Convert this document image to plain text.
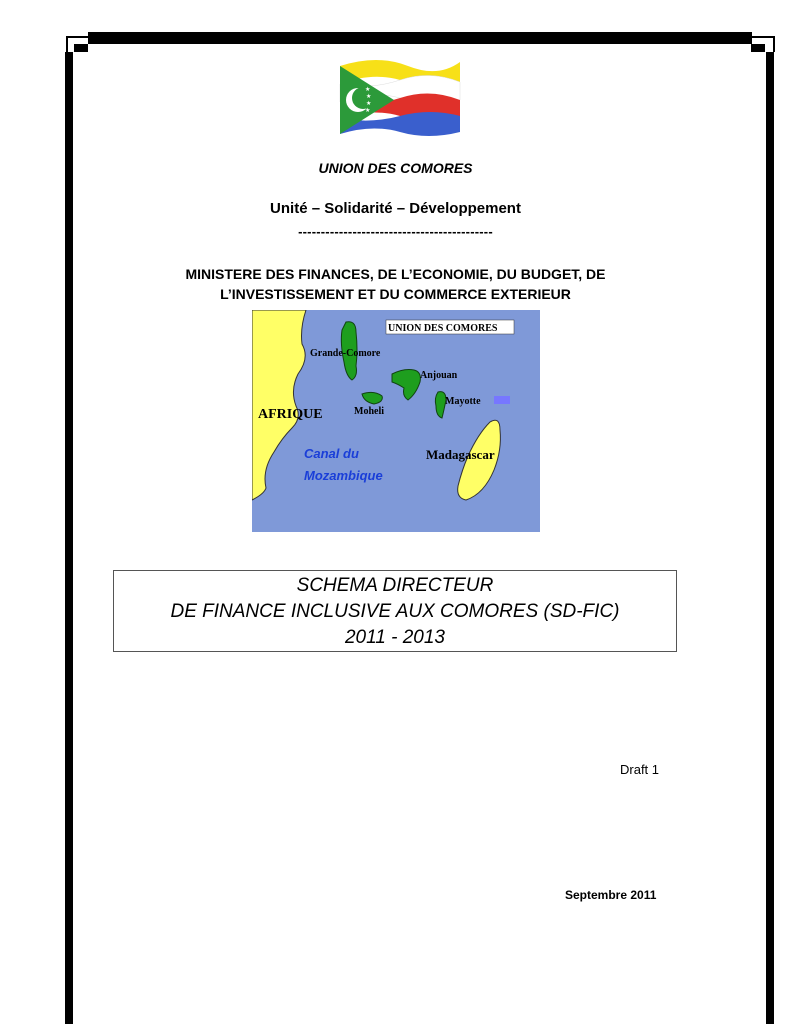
★
★
★
★
UNION DES COMORES
Unité – Solidarité – Développement
-------------------------------------------
MINISTERE DES FINANCES, DE L’ECONOMIE, DU BUDGET, DE
L’INVESTISSEMENT ET DU COMMERCE EXTERIEUR
UNION DES COMORES
Grande-Comore
Anjouan
Moheli
Mayotte
AFRIQUE
Madagascar
Canal du
Mozambique
SCHEMA DIRECTEUR
DE FINANCE INCLUSIVE AUX COMORES (SD-FIC)
2011 - 2013
Draft 1
Septembre 2011
